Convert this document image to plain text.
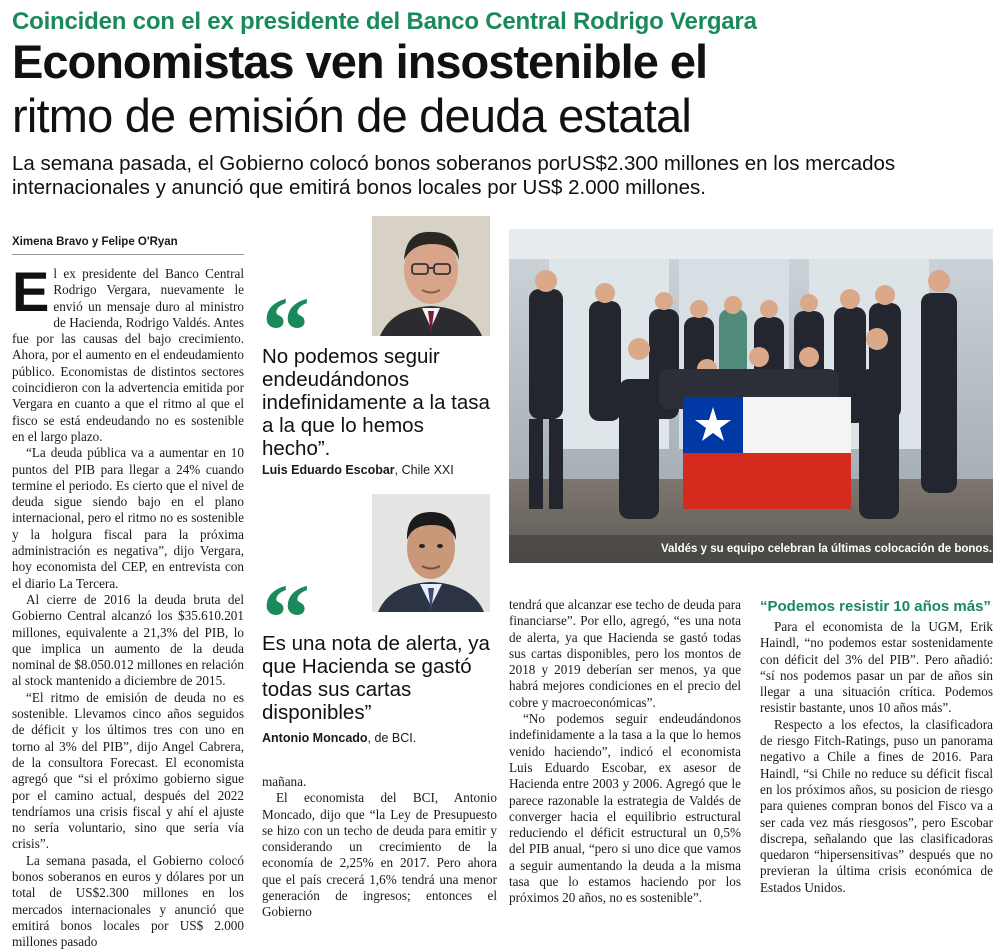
Coinciden con el ex presidente del Banco Central Rodrigo Vergara
Economistas ven insostenible el
ritmo de emisión de deuda estatal
La semana pasada, el Gobierno colocó bonos soberanos porUS$2.300 millones en los mercados internacionales y anunció que emitirá bonos locales por US$ 2.000 millones.
Ximena Bravo y Felipe O'Ryan
E l ex presidente del Banco Central Rodrigo Vergara, nuevamente le envió un mensaje duro al ministro de Hacienda, Rodrigo Valdés. Antes fue por las causas del bajo crecimiento. Ahora, por el aumento en el endeudamiento público. Economistas de distintos sectores coincidieron con la advertencia emitida por Vergara en cuanto a que el ritmo al que el fisco se está endeudando no es sostenible en el largo plazo.

“La deuda pública va a aumentar en 10 puntos del PIB para llegar a 24% cuando termine el periodo. Es cierto que el nivel de deuda sigue siendo bajo en el plano internacional, pero el ritmo no es sostenible y la holgura fiscal para la próxima administración es negativa”, dijo Vergara, hoy economista del CEP, en entrevista con el diario La Tercera.

Al cierre de 2016 la deuda bruta del Gobierno Central alcanzó los $35.610.201 millones, equivalente a 21,3% del PIB, lo que implica un aumento de la deuda nominal de $8.050.012 millones en relación al stock mantenido a diciembre de 2015.

“El ritmo de emisión de deuda no es sostenible. Llevamos cinco años seguidos de déficit y los últimos tres con uno en torno al 3% del PIB”, dijo Angel Cabrera, de la consultora Forecast. El economista agregó que “si el próximo gobierno sigue por el camino actual, después del 2022 tendríamos una crisis fiscal y ahí el ajuste no sería voluntario, sino que sería vía crisis”.

La semana pasada, el Gobierno colocó bonos soberanos en euros y dólares por un total de US$2.300 millones en los mercados internacionales y anunció que emitirá bonos locales por US$ 2.000 millones pasado

“
No podemos seguir endeudándonos indefinidamente a la tasa a la que lo hemos hecho”.
Luis Eduardo Escobar, Chile XXI
“
Es una nota de alerta, ya que Hacienda se gastó todas sus cartas disponibles”
Antonio Moncado, de BCI.

mañana.

El economista del BCI, Antonio Moncado, dijo que “la Ley de Presupuesto se hizo con un techo de deuda para emitir y considerando un crecimiento de la economía de 2,25% en 2017. Pero ahora que el país crecerá 1,6% tendrá una menor generación de ingresos; entonces el Gobierno

Valdés y su equipo celebran la últimas colocación de bonos.

tendrá que alcanzar ese techo de deuda para financiarse”. Por ello, agregó, “es una nota de alerta, ya que Hacienda se gastó todas sus cartas disponibles, pero los montos de 2018 y 2019 deberían ser menos, ya que habrá mejores condiciones en el precio del cobre y macroeconómicas”.

“No podemos seguir endeudándonos indefinidamente a la tasa a la que lo hemos venido haciendo”, indicó el economista Luis Eduardo Escobar, ex asesor de Hacienda entre 2003 y 2006. Agregó que le parece razonable la estrategia de Valdés de converger hacia el equilibrio estructural reduciendo el déficit estructural un 0,5% del PIB anual, “pero si uno dice que vamos a seguir aumentando la deuda a la misma tasa que lo estamos haciendo por los próximos 20 años, no es sostenible”.

“Podemos resistir 10 años más”

Para el economista de la UGM, Erik Haindl, “no podemos estar sostenidamente con déficit del 3% del PIB”. Pero añadió: “sí nos podemos pasar un par de años sin llegar a una situación crítica. Podemos resistir bastante, unos 10 años más”.

Respecto a los efectos, la clasificadora de riesgo Fitch-Ratings, puso un panorama negativo a Chile a fines de 2016. Para Haindl, “si Chile no reduce su déficit fiscal en los próximos años, su posicion de riesgo para quienes compran bonos del Fisco va a ser cada vez más riesgosos”, pero Escobar discrepa, señalando que las clasificadoras quedaron “hipersensitivas” después que no previeran la última crisis económica de Estados Unidos.
